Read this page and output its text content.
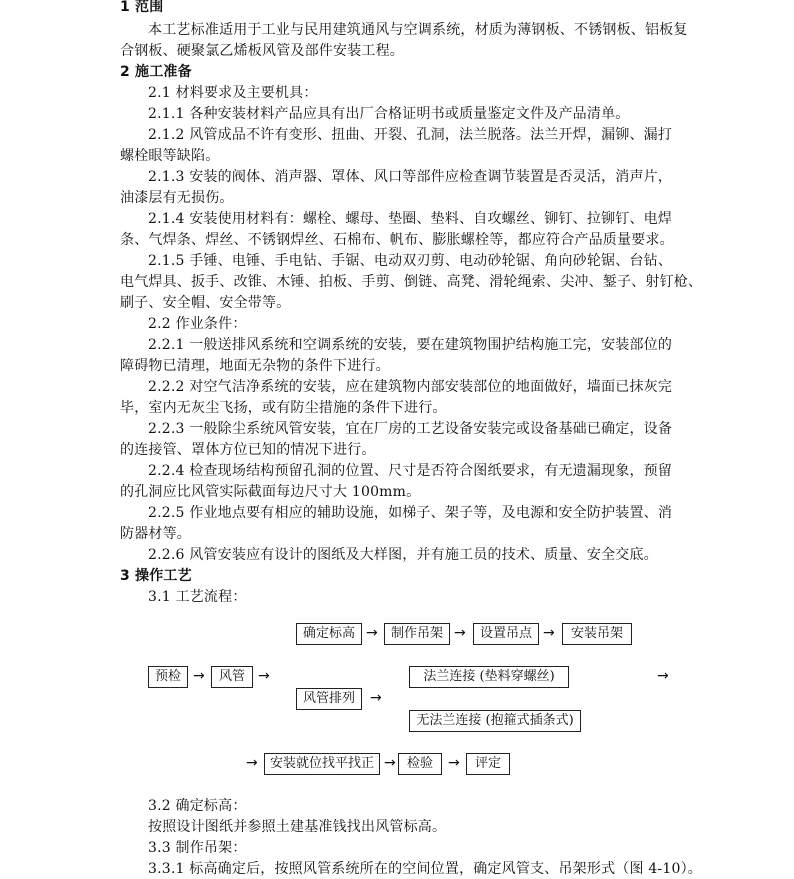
1 范围
本工艺标准适用于工业与民用建筑通风与空调系统，材质为薄钢板、不锈钢板、铝板复
合钢板、硬聚氯乙烯板风管及部件安装工程。
2 施工准备
2.1 材料要求及主要机具：
2.1.1 各种安装材料产品应具有出厂合格证明书或质量鉴定文件及产品清单。
2.1.2 风管成品不许有变形、扭曲、开裂、孔洞，法兰脱落。法兰开焊，漏铆、漏打
螺栓眼等缺陷。
2.1.3 安装的阀体、消声器、罩体、风口等部件应检查调节装置是否灵活，消声片，
油漆层有无损伤。
2.1.4 安装使用材料有：螺栓、螺母、垫圈、垫料、自攻螺丝、铆钉、拉铆钉、电焊
条、气焊条、焊丝、不锈钢焊丝、石棉布、帆布、膨胀螺栓等，都应符合产品质量要求。
2.1.5 手锤、电锤、手电钻、手锯、电动双刃剪、电动砂轮锯、角向砂轮锯、台钻、
电气焊具、扳手、改锥、木锤、拍板、手剪、倒链、高凳、滑轮绳索、尖冲、錾子、射钉枪、
刷子、安全帽、安全带等。
2.2 作业条件：
2.2.1 一般送排风系统和空调系统的安装，要在建筑物围护结构施工完，安装部位的
障碍物已清理，地面无杂物的条件下进行。
2.2.2 对空气洁净系统的安装，应在建筑物内部安装部位的地面做好，墙面已抹灰完
毕，室内无灰尘飞扬，或有防尘措施的条件下进行。
2.2.3 一般除尘系统风管安装，宜在厂房的工艺设备安装完或设备基础已确定，设备
的连接管、罩体方位已知的情况下进行。
2.2.4 检查现场结构预留孔洞的位置、尺寸是否符合图纸要求，有无遗漏现象，预留
的孔洞应比风管实际截面每边尺寸大 100mm。
2.2.5 作业地点要有相应的辅助设施，如梯子、架子等，及电源和安全防护装置、消
防器材等。
2.2.6 风管安装应有设计的图纸及大样图，并有施工员的技术、质量、安全交底。
3 操作工艺
3.1 工艺流程：
确定标高 →	制作吊架 →	设置吊点 →	安装吊架
预检 →	风管 →
风管排列	→
法兰连接 (垫料穿螺丝)
无法兰连接 (抱箍式插条式)
→
→ 安装就位找平找正 → 检验	→	评定
3.2 确定标高：
按照设计图纸并参照土建基准钱找出风管标高。
3.3 制作吊架：
3.3.1 标高确定后，按照风管系统所在的空间位置，确定风管支、吊架形式（图 4-10）。
